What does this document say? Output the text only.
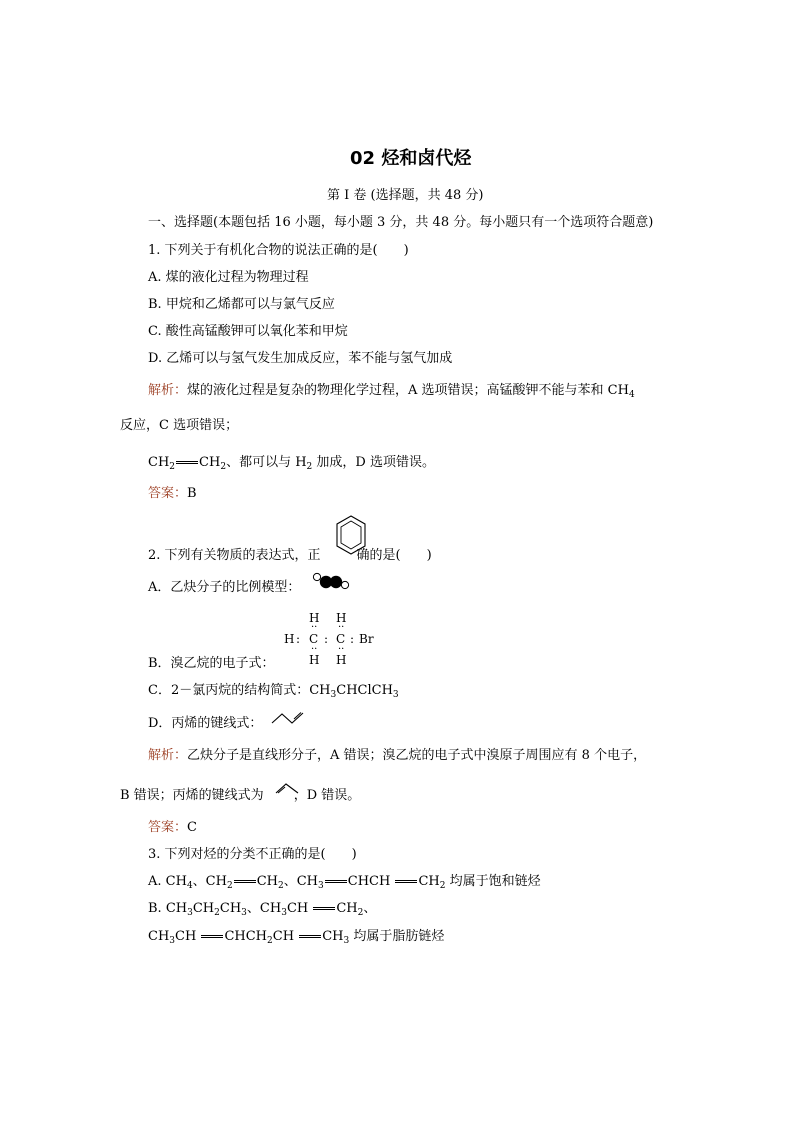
02 烃和卤代烃
第 Ⅰ 卷 (选择题，共 48 分)
一、选择题(本题包括 16 小题，每小题 3 分，共 48 分。每小题只有一个选项符合题意)
1. 下列关于有机化合物的说法正确的是(　　)
A. 煤的液化过程为物理过程
B. 甲烷和乙烯都可以与氯气反应
C. 酸性高锰酸钾可以氧化苯和甲烷
D. 乙烯可以与氢气发生加成反应，苯不能与氢气加成
解析：煤的液化过程是复杂的物理化学过程，A 选项错误；高锰酸钾不能与苯和 $CH_4$
反应，C 选项错误；
$CH_2$ $CH_2$、都可以与 $H_2$ 加成，D 选项错误。
答案：B
2. 下列有关物质的表达式，正	确的是(　　)
A．乙炔分子的比例模型：
H H
·· ··
H : C : C : Br
·· ··
H H
B．溴乙烷的电子式：
C．2－氯丙烷的结构简式：$CH_3CHClCH_3$
D．丙烯的键线式：
解析：乙炔分子是直线形分子，A 错误；溴乙烷的电子式中溴原子周围应有 8 个电子，
B 错误；丙烯的键线式为 ，D 错误。
答案：C
3. 下列对烃的分类不正确的是(　　)
A. $CH_4$、$CH_2$ $CH_2$、$CH_3$ CHCH $CH_2$ 均属于饱和链烃
B. $CH_3CH_2CH_3$、$CH_3CH$ $CH_2$、
$CH_3CH$ $CHCH_2CH$ $CH_3$ 均属于脂肪链烃
